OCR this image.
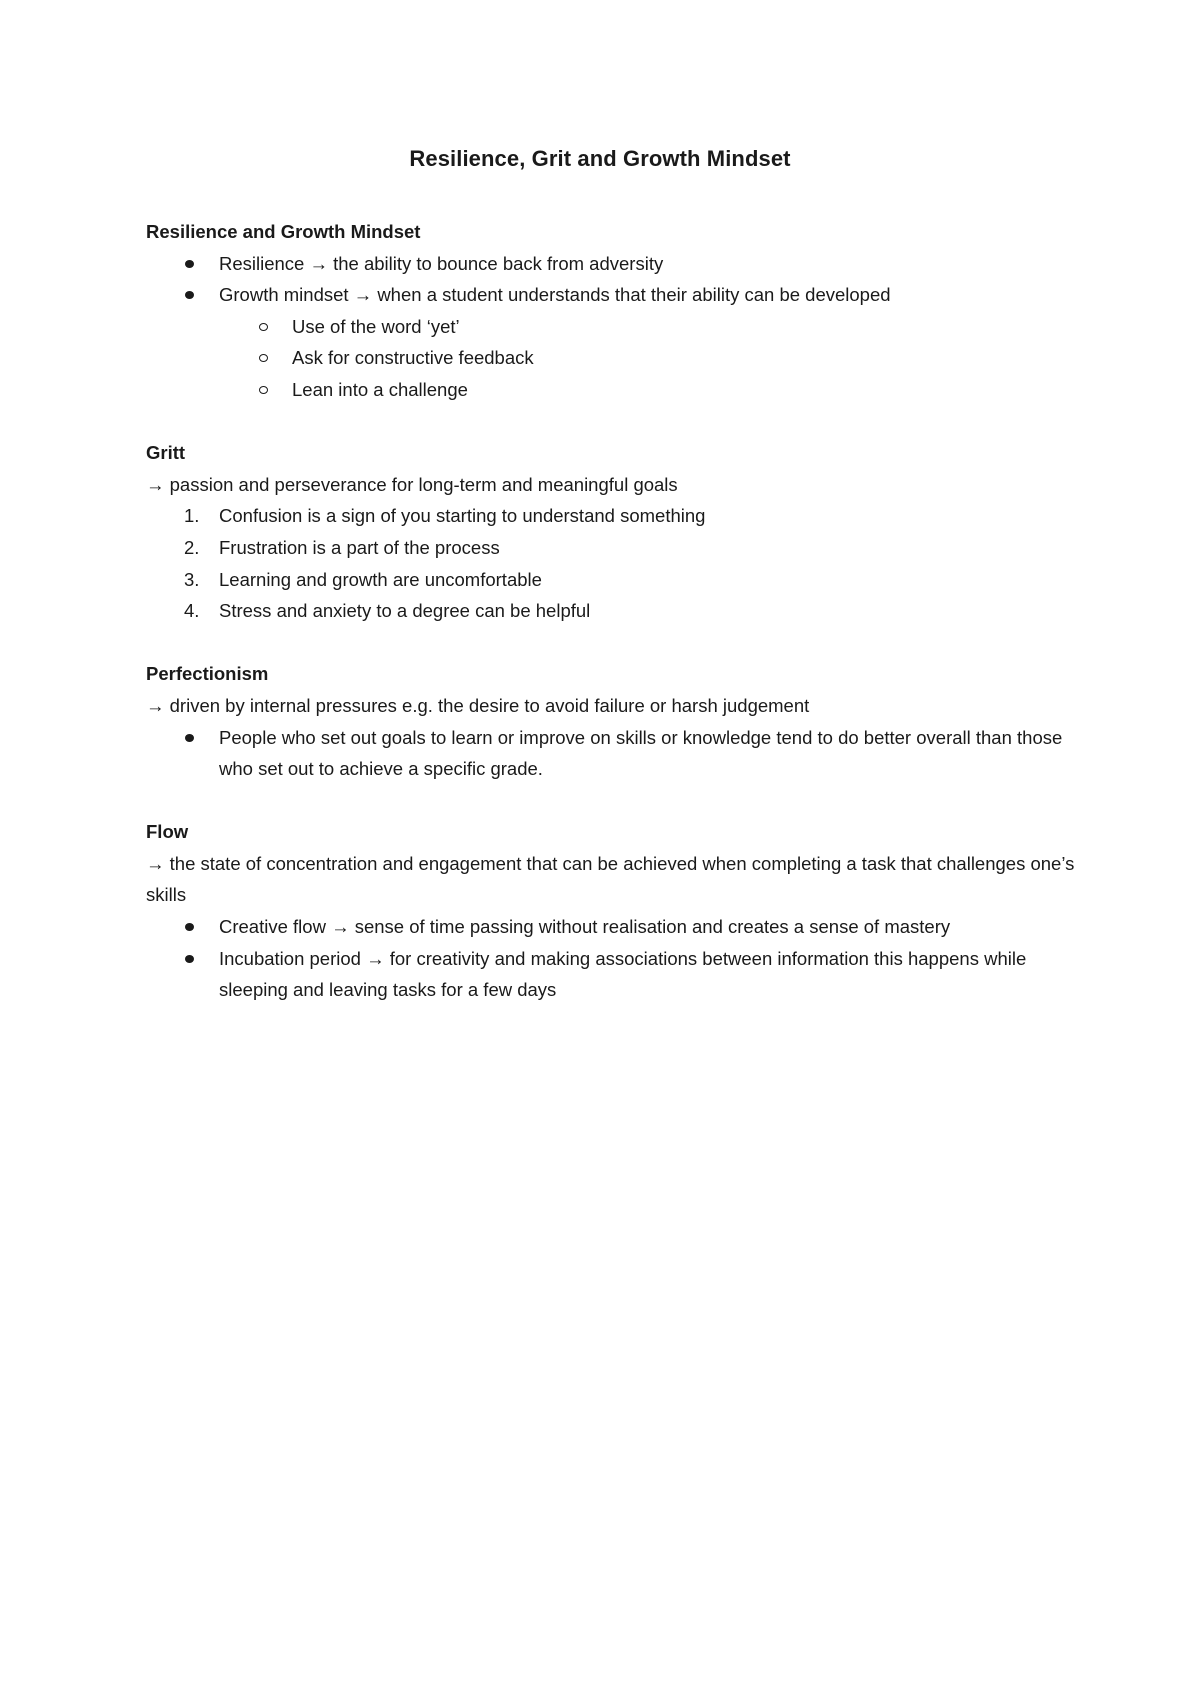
Resilience, Grit and Growth Mindset

Resilience and Growth Mindset

Resilience → the ability to bounce back from adversity
Growth mindset → when a student understands that their ability can be developed
Use of the word ‘yet’
Ask for constructive feedback
Lean into a challenge

Gritt

→ passion and perseverance for long-term and meaningful goals

1. Confusion is a sign of you starting to understand something
2. Frustration is a part of the process
3. Learning and growth are uncomfortable
4. Stress and anxiety to a degree can be helpful

Perfectionism

→ driven by internal pressures e.g. the desire to avoid failure or harsh judgement

People who set out goals to learn or improve on skills or knowledge tend to do better overall than those who set out to achieve a specific grade.

Flow

→ the state of concentration and engagement that can be achieved when completing a task that challenges one’s skills

Creative flow → sense of time passing without realisation and creates a sense of mastery
Incubation period → for creativity and making associations between information this happens while sleeping and leaving tasks for a few days
